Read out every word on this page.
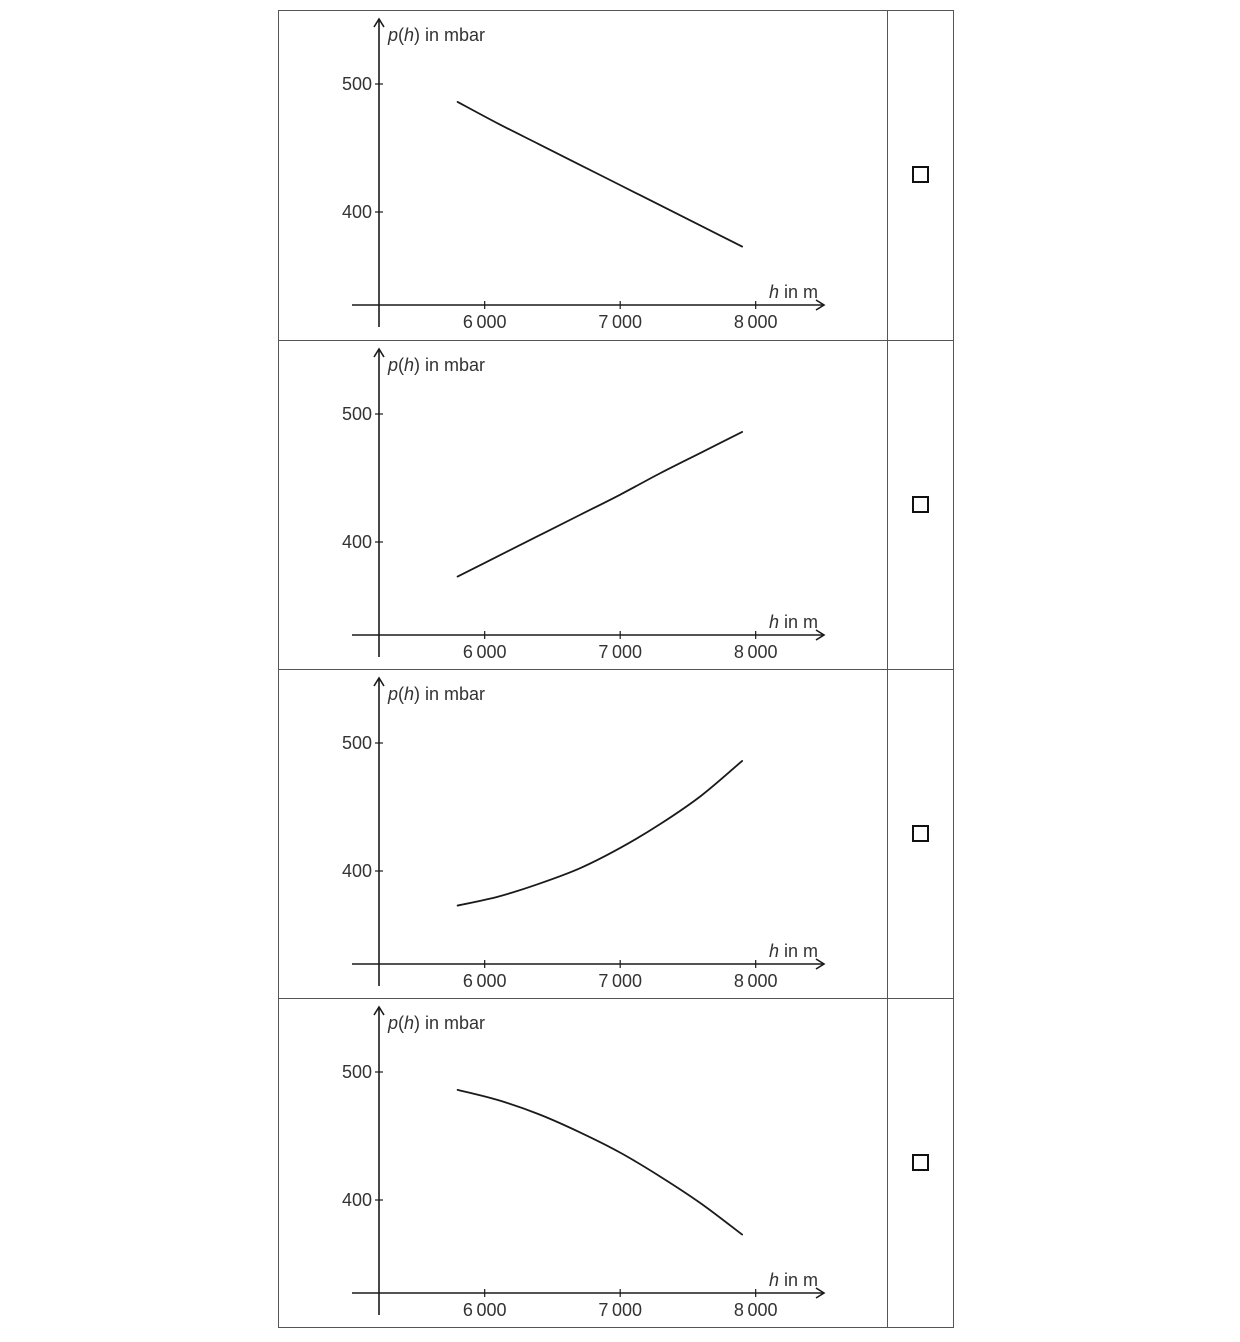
6 000	7 000	8 000
400
500
p(h) in mbar
h in m
6 000	7 000	8 000
400
500
p(h) in mbar
h in m
6 000	7 000	8 000
400
500
p(h) in mbar
h in m
6 000	7 000	8 000
400
500
p(h) in mbar
h in m
